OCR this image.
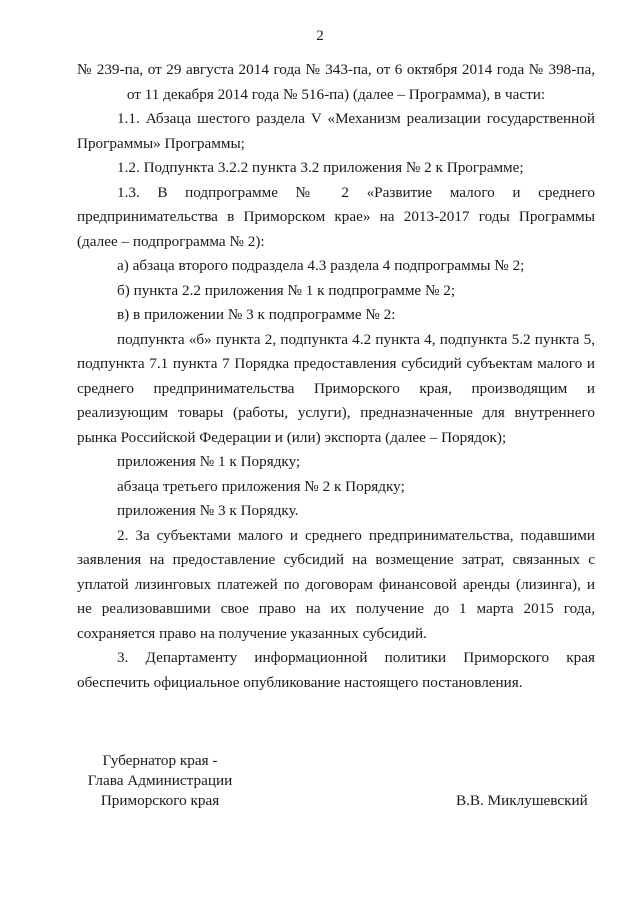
2

№ 239-па, от 29 августа 2014 года № 343-па, от 6 октября 2014 года № 398-па,

от 11 декабря 2014 года № 516-па) (далее – Программа), в части:

1.1. Абзаца шестого раздела V «Механизм реализации государственной Программы» Программы;

1.2. Подпункта 3.2.2 пункта 3.2 приложения № 2 к Программе;

1.3. В подпрограмме № 2 «Развитие малого и среднего предпринимательства в Приморском крае» на 2013-2017 годы Программы (далее – подпрограмма № 2):

а) абзаца второго подраздела 4.3 раздела 4 подпрограммы № 2;

б) пункта 2.2 приложения № 1 к подпрограмме № 2;

в) в приложении № 3 к подпрограмме № 2:

подпункта «б» пункта 2, подпункта 4.2 пункта 4, подпункта 5.2 пункта 5, подпункта 7.1 пункта 7 Порядка предоставления субсидий субъектам малого и среднего предпринимательства Приморского края, производящим и реализующим товары (работы, услуги), предназначенные для внутреннего рынка Российской Федерации и (или) экспорта (далее – Порядок);

приложения № 1 к Порядку;

абзаца третьего приложения № 2 к Порядку;

приложения № 3 к Порядку.

2. За субъектами малого и среднего предпринимательства, подавшими заявления на предоставление субсидий на возмещение затрат, связанных с уплатой лизинговых платежей по договорам финансовой аренды (лизинга), и не реализовавшими свое право на их получение до 1 марта 2015 года, сохраняется право на получение указанных субсидий.

3. Департаменту информационной политики Приморского края обеспечить официальное опубликование настоящего постановления.

Губернатор края -
Глава Администрации
Приморского края	В.В. Миклушевский
